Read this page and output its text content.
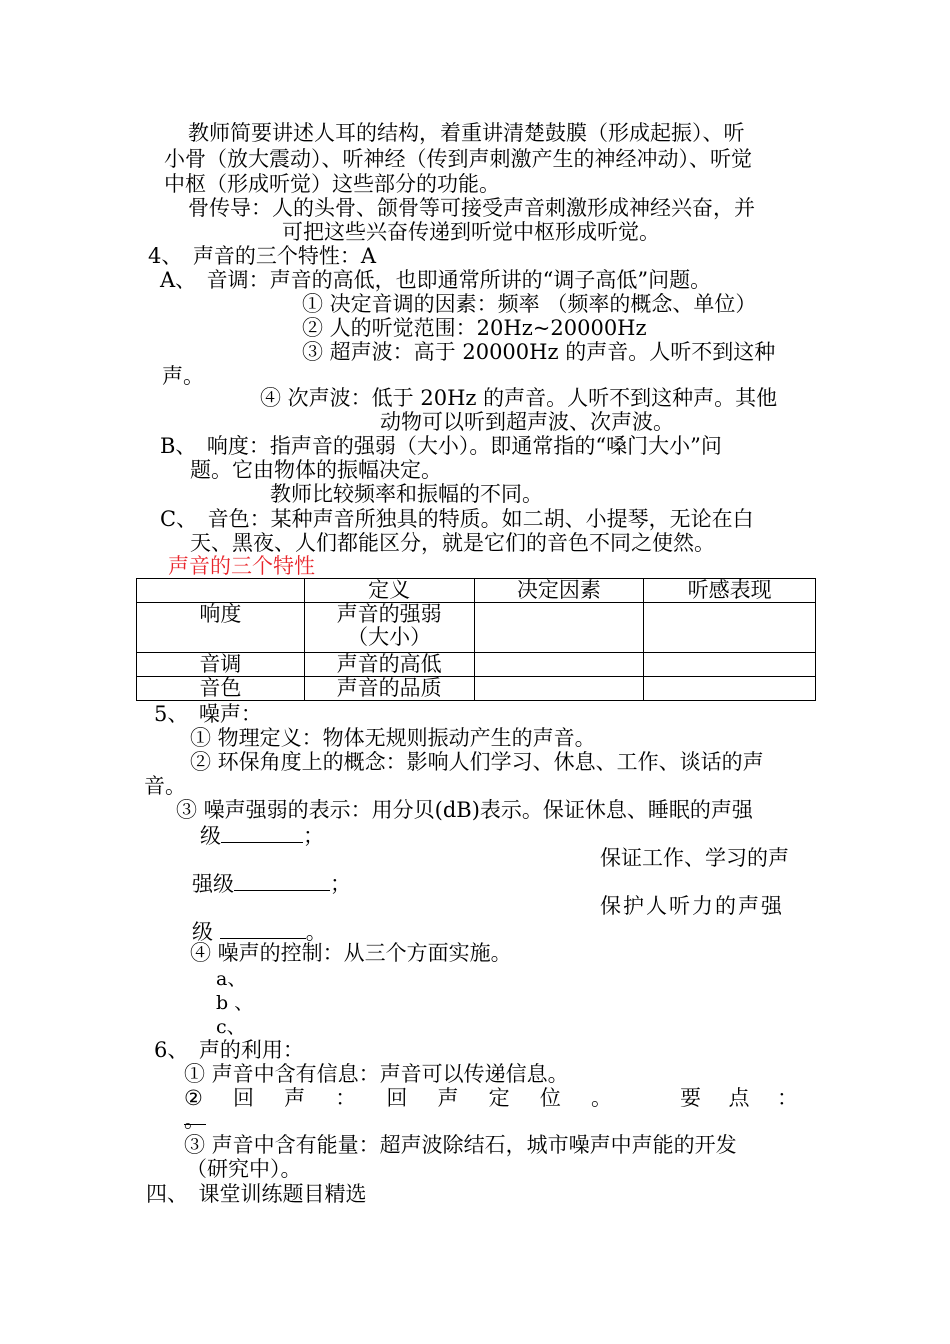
教师简要讲述人耳的结构，着重讲清楚鼓膜（形成起振）、听
小骨（放大震动）、听神经（传到声刺激产生的神经冲动）、听觉
中枢（形成听觉）这些部分的功能。
骨传导：人的头骨、颌骨等可接受声音刺激形成神经兴奋，并
可把这些兴奋传递到听觉中枢形成听觉。
4、　声音的三个特性：A
A、　音调：声音的高低，也即通常所讲的“调子高低”问题。
① 决定音调的因素：频率 （频率的概念、单位）
② 人的听觉范围：20Hz~20000Hz
③ 超声波：高于 20000Hz 的声音。人听不到这种
声。
④ 次声波：低于 20Hz 的声音。人听不到这种声。其他
动物可以听到超声波、次声波。
B、　响度：指声音的强弱（大小）。即通常指的“嗓门大小”问
题。它由物体的振幅决定。
教师比较频率和振幅的不同。
C、　音色：某种声音所独具的特质。如二胡、小提琴，无论在白
天、黑夜、人们都能区分，就是它们的音色不同之使然。
声音的三个特性
	定义	决定因素	听感表现
响度	声音的强弱
（大小）		

音调	声音的高低		
音色	声音的品质		
5、　噪声：
① 物理定义：物体无规则振动产生的声音。
② 环保角度上的概念：影响人们学习、休息、工作、谈话的声
音。
③ 噪声强弱的表示：用分贝(dB)表示。保证休息、睡眠的声强
级	；
保证工作、学习的声
强级	；
保护人听力的声强
级	。
④ 噪声的控制：从三个方面实施。
a、
b 、
c、
6、　声的利用：
① 声音中含有信息：声音可以传递信息。
② 回 声 ： 回 声 定 位 。	要 点 ：
。
③ 声音中含有能量：超声波除结石，城市噪声中声能的开发
（研究中）。
四、　课堂训练题目精选
